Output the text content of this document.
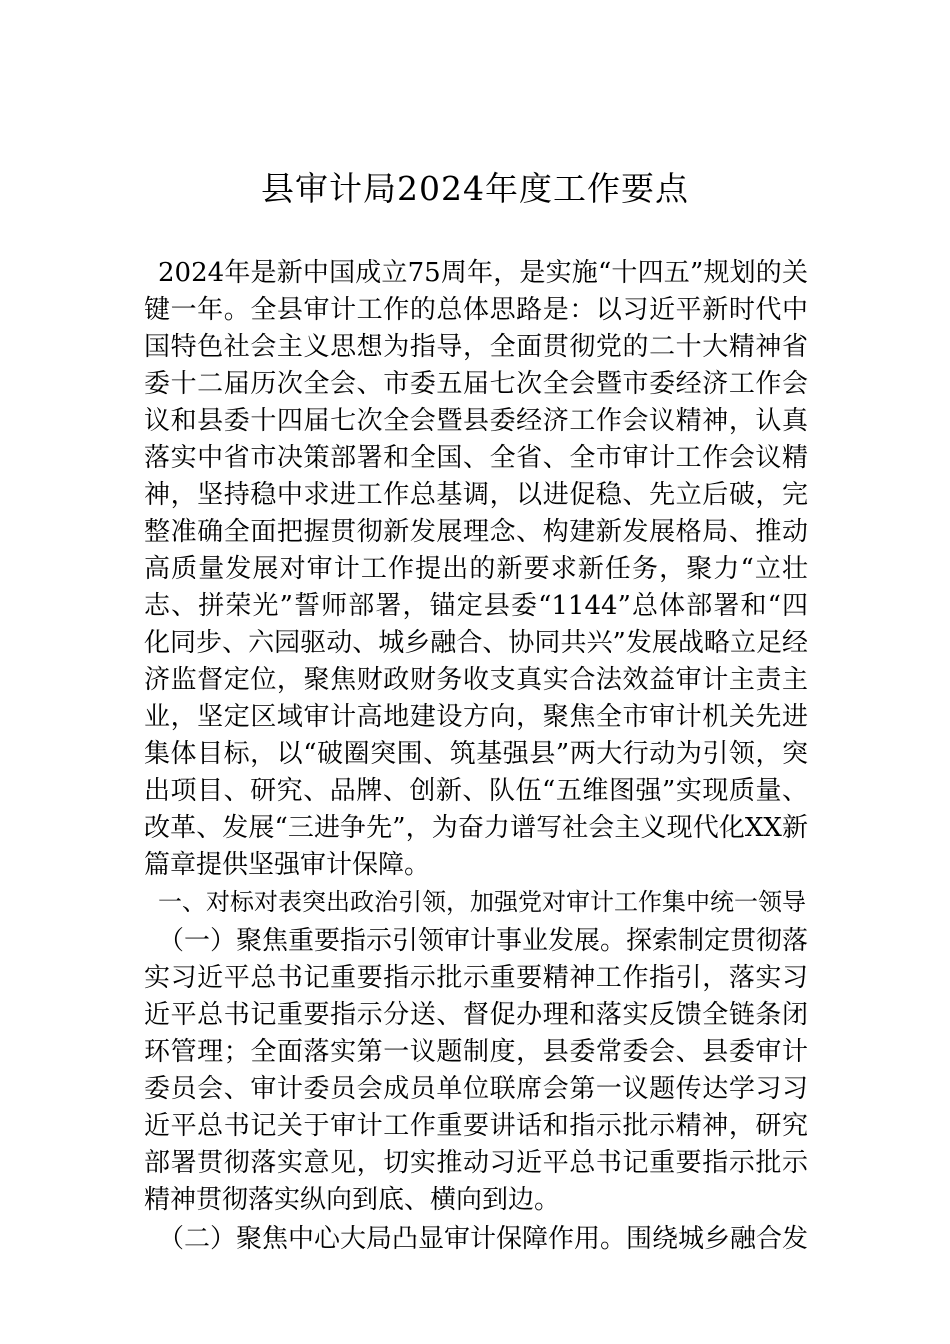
县审计局2024年度工作要点

2024年是新中国成立75周年，是实施“十四五”规划的关键一年。全县审计工作的总体思路是：以习近平新时代中国特色社会主义思想为指导，全面贯彻党的二十大精神省委十二届历次全会、市委五届七次全会暨市委经济工作会议和县委十四届七次全会暨县委经济工作会议精神，认真落实中省市决策部署和全国、全省、全市审计工作会议精神，坚持稳中求进工作总基调，以进促稳、先立后破，完整准确全面把握贯彻新发展理念、构建新发展格局、推动高质量发展对审计工作提出的新要求新任务，聚力“立壮志、拼荣光”誓师部署，锚定县委“1144”总体部署和“四化同步、六园驱动、城乡融合、协同共兴”发展战略立足经济监督定位，聚焦财政财务收支真实合法效益审计主责主业，坚定区域审计高地建设方向，聚焦全市审计机关先进集体目标，以“破圈突围、筑基强县”两大行动为引领，突出项目、研究、品牌、创新、队伍“五维图强”实现质量、改革、发展“三进争先”，为奋力谱写社会主义现代化XX新篇章提供坚强审计保障。

一、对标对表突出政治引领，加强党对审计工作集中统一领导

（一）聚焦重要指示引领审计事业发展。探索制定贯彻落实习近平总书记重要指示批示重要精神工作指引，落实习近平总书记重要指示分送、督促办理和落实反馈全链条闭环管理；全面落实第一议题制度，县委常委会、县委审计委员会、审计委员会成员单位联席会第一议题传达学习习近平总书记关于审计工作重要讲话和指示批示精神，研究部署贯彻落实意见，切实推动习近平总书记重要指示批示精神贯彻落实纵向到底、横向到边。

（二）聚焦中心大局凸显审计保障作用。围绕城乡融合发
